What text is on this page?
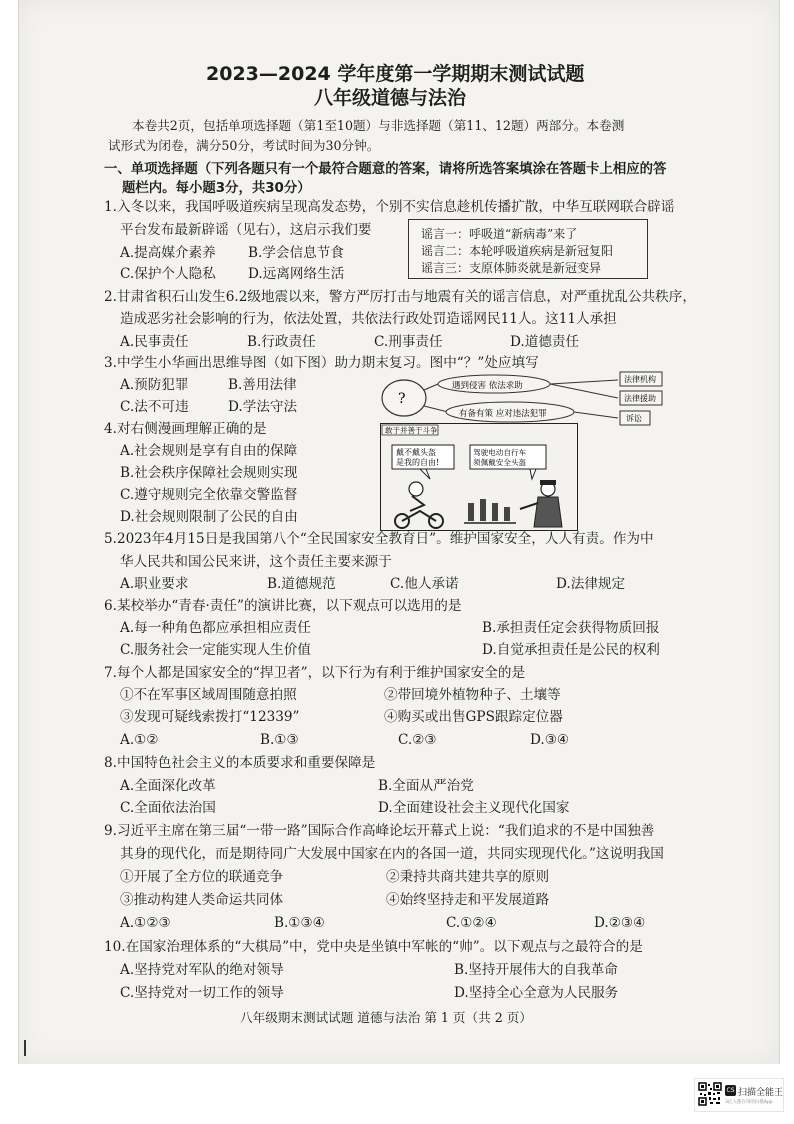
2023—2024 学年度第一学期期末测试试题
八年级道德与法治
本卷共2页，包括单项选择题（第1至10题）与非选择题（第11、12题）两部分。本卷测
试形式为闭卷，满分50分，考试时间为30分钟。
一、单项选择题（下列各题只有一个最符合题意的答案，请将所选答案填涂在答题卡上相应的答
题栏内。每小题3分，共30分）
1.入冬以来，我国呼吸道疾病呈现高发态势，个别不实信息趁机传播扩散，中华互联网联合辟谣
平台发布最新辟谣（见右），这启示我们要
A.提高媒介素养 B.学会信息节食
C.保护个人隐私 D.远离网络生活
谣言一：呼吸道“新病毒”来了
谣言二：本轮呼吸道疾病是新冠复阳
谣言三：支原体肺炎就是新冠变异
2.甘肃省积石山发生6.2级地震以来，警方严厉打击与地震有关的谣言信息，对严重扰乱公共秩序，
造成恶劣社会影响的行为，依法处置，共依法行政处罚造谣网民11人。这11人承担
A.民事责任	B.行政责任	C.刑事责任	D.道德责任
3.中学生小华画出思维导图（如下图）助力期末复习。图中“？”处应填写
A.预防犯罪	B.善用法律
C.法不可违	D.学法守法	?
遇到侵害 依法求助
有备有策 应对违法犯罪
法律机构
法律援助
诉讼
4.对右侧漫画理解正确的是
A.社会规则是享有自由的保障
B.社会秩序保障社会规则实现
C.遵守规则完全依靠交警监督
D.社会规则限制了公民的自由
敢于并善于斗争
戴不戴头盔
是我的自由!
驾驶电动自行车
须佩戴安全头盔
5.2023年4月15日是我国第八个“全民国家安全教育日”。维护国家安全，人人有责。作为中
华人民共和国公民来讲，这个责任主要来源于
A.职业要求	B.道德规范	C.他人承诺	D.法律规定
6.某校举办“青春·责任”的演讲比赛，以下观点可以选用的是
A.每一种角色都应承担相应责任	B.承担责任定会获得物质回报
C.服务社会一定能实现人生价值	D.自觉承担责任是公民的权利
7.每个人都是国家安全的“捍卫者”，以下行为有利于维护国家安全的是
①不在军事区域周围随意拍照	②带回境外植物种子、土壤等
③发现可疑线索拨打“12339”	④购买或出售GPS跟踪定位器
A.①②	B.①③	C.②③	D.③④
8.中国特色社会主义的本质要求和重要保障是
A.全面深化改革	B.全面从严治党
C.全面依法治国	D.全面建设社会主义现代化国家
9.习近平主席在第三届“一带一路”国际合作高峰论坛开幕式上说：“我们追求的不是中国独善
其身的现代化，而是期待同广大发展中国家在内的各国一道，共同实现现代化。”这说明我国
①开展了全方位的联通竞争	②秉持共商共建共享的原则
③推动构建人类命运共同体	④始终坚持走和平发展道路
A.①②③	B.①③④	C.①②④	D.②③④
10.在国家治理体系的“大棋局”中，党中央是坐镇中军帐的“帅”。以下观点与之最符合的是
A.坚持党对军队的绝对领导	B.坚持开展伟大的自我革命
C.坚持党对一切工作的领导	D.坚持全心全意为人民服务
八年级期末测试试题 道德与法治 第 1 页（共 2 页）
CS 扫描全能王
3亿人都在用的扫描App
